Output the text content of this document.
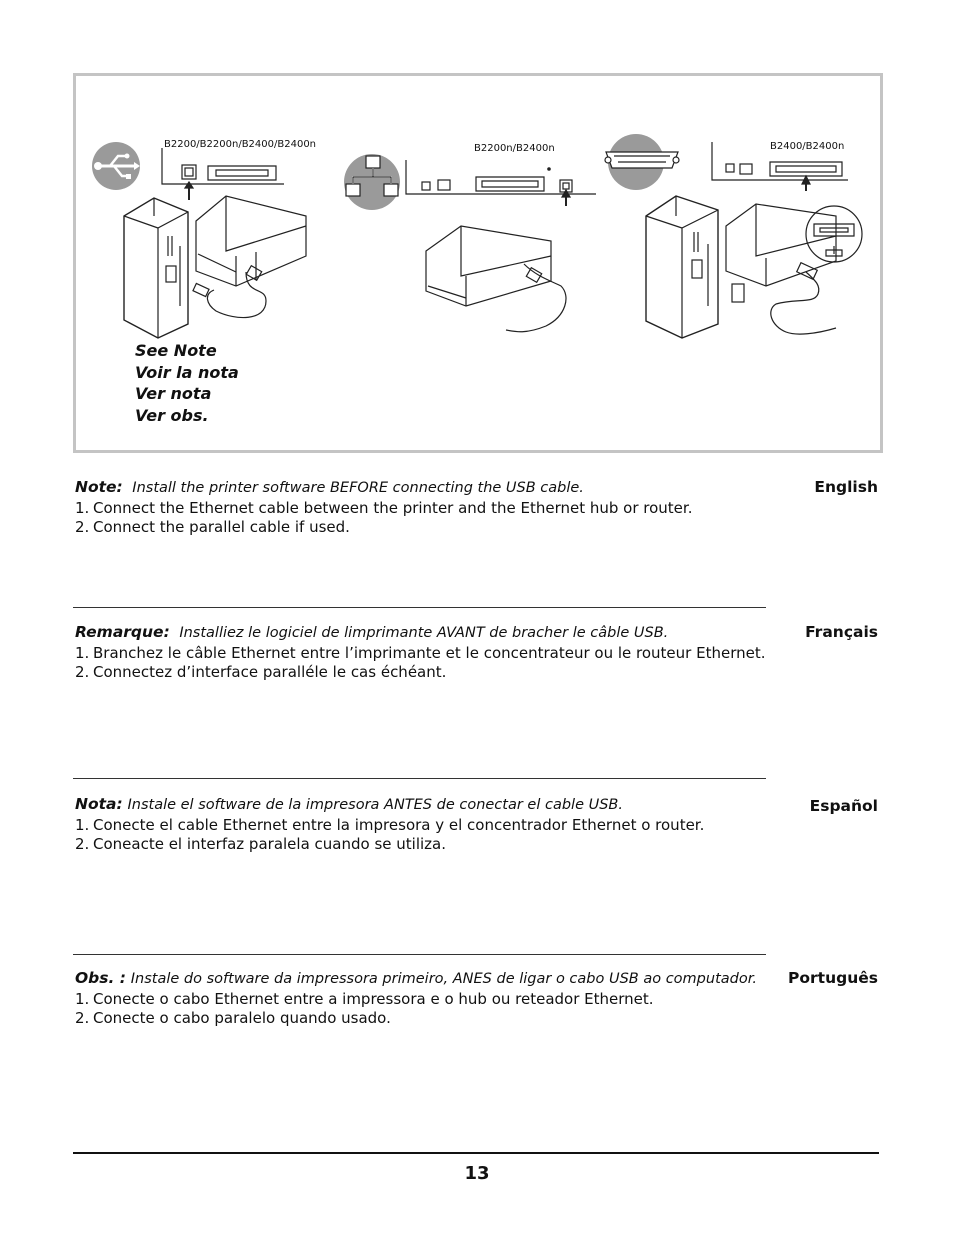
B2200/B2200n/B2400/B2400n	B2200n/B2400n	B2400/B2400n
See Note
Voir la nota
Ver nota
Ver obs.
Note: Install the printer software BEFORE connecting the USB cable.
1. Connect the Ethernet cable between the printer and the Ethernet hub or router.
2. Connect the parallel cable if used.
English
Remarque: Installiez le logiciel de limprimante AVANT de bracher le câble USB.
1. Branchez le câble Ethernet entre l’imprimante et le concentrateur ou le routeur Ethernet.
2. Connectez d’interface paralléle le cas échéant.
Français
Nota: Instale el software de la impresora ANTES de conectar el cable USB.
1. Conecte el cable Ethernet entre la impresora y el concentrador Ethernet o router.
2. Coneacte el interfaz paralela cuando se utiliza.
Español
Obs. : Instale do software da impressora primeiro, ANES de ligar o cabo USB ao computador.
1. Conecte o cabo Ethernet entre a impressora e o hub ou reteador Ethernet.
2. Conecte o cabo paralelo quando usado.
Português
13
